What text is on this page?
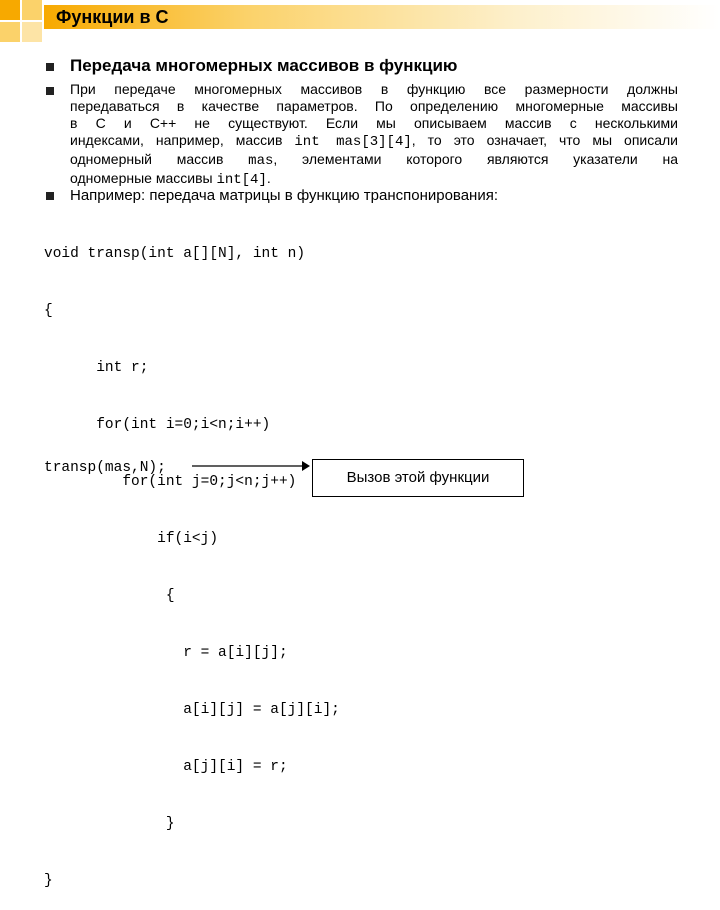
Функции в С
Передача многомерных массивов в функцию
При передаче многомерных массивов в функцию все размерности должны
передаваться в качестве параметров. По определению многомерные массивы
в С и С++ не существуют. Если мы описываем массив с несколькими
индексами, например, массив int mas[3][4], то это означает, что мы описали
одномерный массив mas, элементами которого являются указатели на
одномерные массивы int[4].
Например: передача матрицы в функцию транспонирования:

void transp(int a[][N], int n)

{

int r;

for(int i=0;i<n;i++)

for(int j=0;j<n;j++)

if(i<j)

{

r = a[i][j];

a[i][j] = a[j][i];

a[j][i] = r;

}

}

transp(mas,N);
Вызов этой функции
